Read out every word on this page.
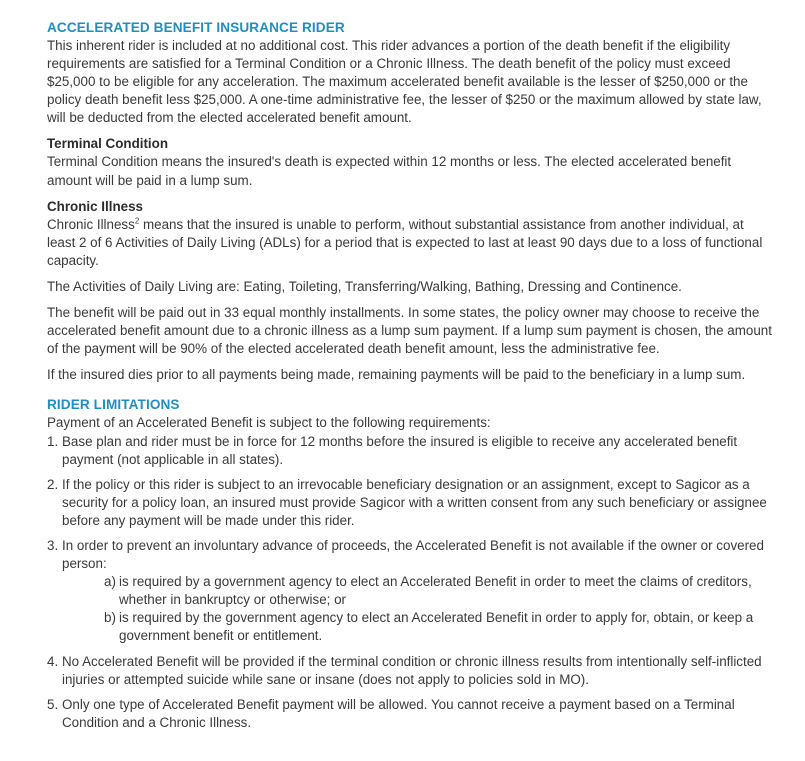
ACCELERATED BENEFIT INSURANCE RIDER

This inherent rider is included at no additional cost. This rider advances a portion of the death benefit if the eligibility requirements are satisfied for a Terminal Condition or a Chronic Illness. The death benefit of the policy must exceed $25,000 to be eligible for any acceleration. The maximum accelerated benefit available is the lesser of $250,000 or the policy death benefit less $25,000. A one-time administrative fee, the lesser of $250 or the maximum allowed by state law, will be deducted from the elected accelerated benefit amount.

Terminal Condition

Terminal Condition means the insured's death is expected within 12 months or less. The elected accelerated benefit amount will be paid in a lump sum.

Chronic Illness

Chronic Illness$^2$ means that the insured is unable to perform, without substantial assistance from another individual, at least 2 of 6 Activities of Daily Living (ADLs) for a period that is expected to last at least 90 days due to a loss of functional capacity.

The Activities of Daily Living are: Eating, Toileting, Transferring/Walking, Bathing, Dressing and Continence.

The benefit will be paid out in 33 equal monthly installments. In some states, the policy owner may choose to receive the accelerated benefit amount due to a chronic illness as a lump sum payment. If a lump sum payment is chosen, the amount of the payment will be 90% of the elected accelerated death benefit amount, less the administrative fee.

If the insured dies prior to all payments being made, remaining payments will be paid to the beneficiary in a lump sum.

RIDER LIMITATIONS

Payment of an Accelerated Benefit is subject to the following requirements:

1. Base plan and rider must be in force for 12 months before the insured is eligible to receive any accelerated benefit payment (not applicable in all states).
2. If the policy or this rider is subject to an irrevocable beneficiary designation or an assignment, except to Sagicor as a security for a policy loan, an insured must provide Sagicor with a written consent from any such beneficiary or assignee before any payment will be made under this rider.
3. In order to prevent an involuntary advance of proceeds, the Accelerated Benefit is not available if the owner or covered person:
a) is required by a government agency to elect an Accelerated Benefit in order to meet the claims of creditors, whether in bankruptcy or otherwise; or
b) is required by the government agency to elect an Accelerated Benefit in order to apply for, obtain, or keep a government benefit or entitlement.
4. No Accelerated Benefit will be provided if the terminal condition or chronic illness results from intentionally self-inflicted injuries or attempted suicide while sane or insane (does not apply to policies sold in MO).
5. Only one type of Accelerated Benefit payment will be allowed. You cannot receive a payment based on a Terminal Condition and a Chronic Illness.
